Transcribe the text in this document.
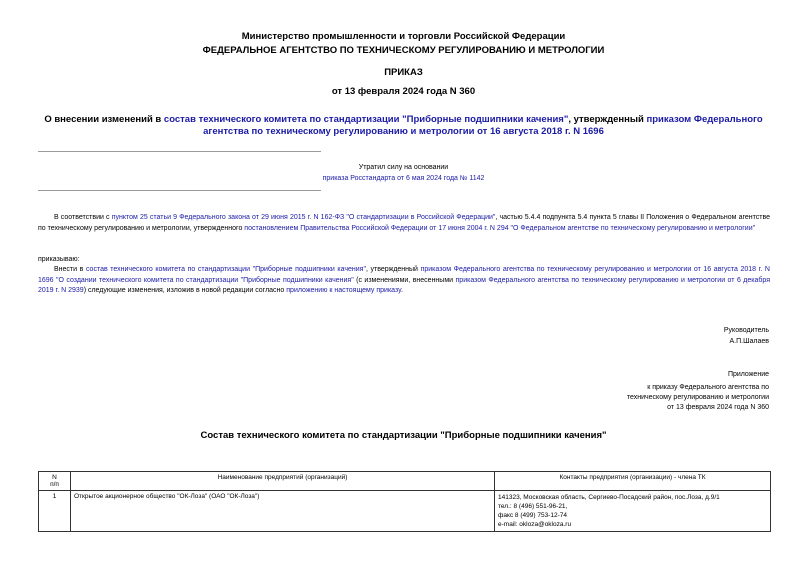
Министерство промышленности и торговли Российской Федерации
ФЕДЕРАЛЬНОЕ АГЕНТСТВО ПО ТЕХНИЧЕСКОМУ РЕГУЛИРОВАНИЮ И МЕТРОЛОГИИ
ПРИКАЗ
от 13 февраля 2024 года N 360
О внесении изменений в состав технического комитета по стандартизации "Приборные подшипники качения", утвержденный приказом Федерального агентства по техническому регулированию и метрологии от 16 августа 2018 г. N 1696
Утратил силу на основании
приказа Росстандарта от 6 мая 2024 года № 1142
В соответствии с пунктом 25 статьи 9 Федерального закона от 29 июня 2015 г. N 162-ФЗ "О стандартизации в Российской Федерации", частью 5.4.4 подпункта 5.4 пункта 5 главы II Положения о Федеральном агентстве по техническому регулированию и метрологии, утвержденного постановлением Правительства Российской Федерации от 17 июня 2004 г. N 294 "О Федеральном агентстве по техническому регулированию и метрологии"
приказываю:
Внести в состав технического комитета по стандартизации "Приборные подшипники качения", утвержденный приказом Федерального агентства по техническому регулированию и метрологии от 16 августа 2018 г. N 1696 "О создании технического комитета по стандартизации "Приборные подшипники качения" (с изменениями, внесенными приказом Федерального агентства по техническому регулированию и метрологии от 6 декабря 2019 г. N 2939) следующие изменения, изложив в новой редакции согласно приложению к настоящему приказу.
Руководитель
А.П.Шалаев
Приложение
к приказу Федерального агентства по
техническому регулированию и метрологии
от 13 февраля 2024 года N 360
Состав технического комитета по стандартизации "Приборные подшипники качения"
N
п/п	Наименование предприятий (организаций)	Контакты предприятия (организации) - члена ТК
1	Открытое акционерное общество "ОК-Лоза" (ОАО "ОК-Лоза")	141323, Московская область, Сергиево-Посадский район, пос.Лоза, д.9/1
тел.: 8 (496) 551-96-21,
факс 8 (499) 753-12-74
e-mail: okloza@okloza.ru
